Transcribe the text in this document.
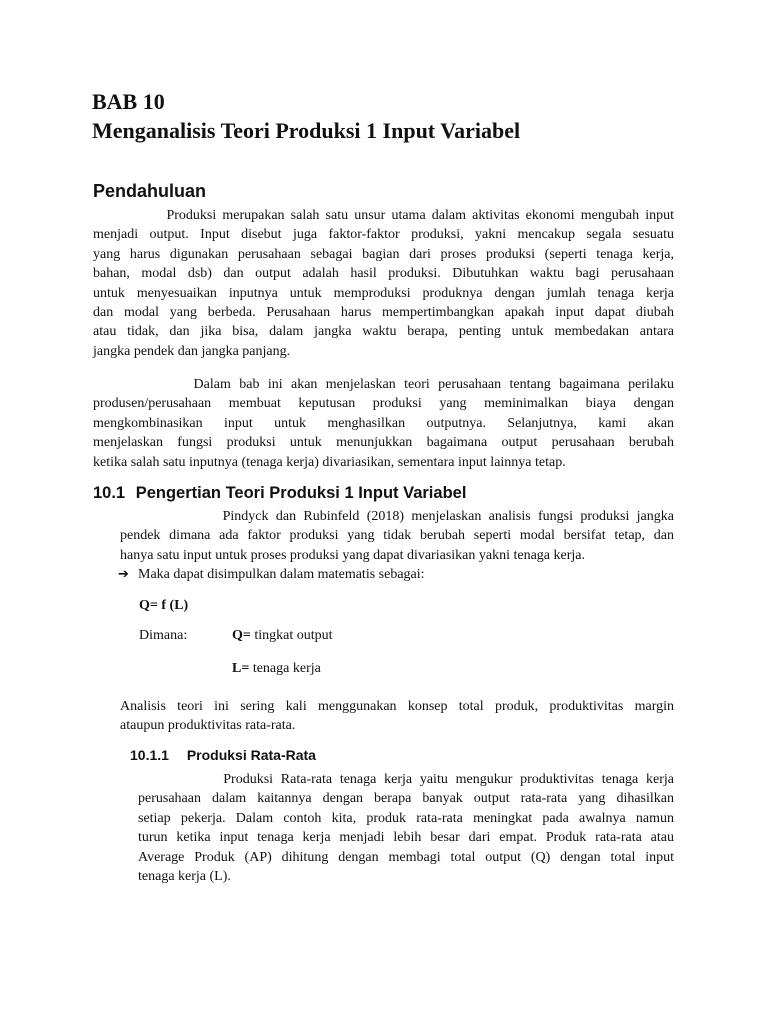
BAB 10
Menganalisis Teori Produksi 1 Input Variabel
Pendahuluan
Produksi merupakan salah satu unsur utama dalam aktivitas ekonomi mengubah input
menjadi output. Input disebut juga faktor-faktor produksi, yakni mencakup segala sesuatu
yang harus digunakan perusahaan sebagai bagian dari proses produksi (seperti tenaga kerja,
bahan, modal dsb) dan output adalah hasil produksi. Dibutuhkan waktu bagi perusahaan
untuk menyesuaikan inputnya untuk memproduksi produknya dengan jumlah tenaga kerja
dan modal yang berbeda. Perusahaan harus mempertimbangkan apakah input dapat diubah
atau tidak, dan jika bisa, dalam jangka waktu berapa, penting untuk membedakan antara
jangka pendek dan jangka panjang.
Dalam bab ini akan menjelaskan teori perusahaan tentang bagaimana perilaku
produsen/perusahaan membuat keputusan produksi yang meminimalkan biaya dengan
mengkombinasikan input untuk menghasilkan outputnya. Selanjutnya, kami akan
menjelaskan fungsi produksi untuk menunjukkan bagaimana output perusahaan berubah
ketika salah satu inputnya (tenaga kerja) divariasikan, sementara input lainnya tetap.
10.1 Pengertian Teori Produksi 1 Input Variabel
Pindyck dan Rubinfeld (2018) menjelaskan analisis fungsi produksi jangka
pendek dimana ada faktor produksi yang tidak berubah seperti modal bersifat tetap, dan
hanya satu input untuk proses produksi yang dapat divariasikan yakni tenaga kerja.
➔ Maka dapat disimpulkan dalam matematis sebagai:
Q= f (L)
Dimana:	Q= tingkat output
L= tenaga kerja
Analisis teori ini sering kali menggunakan konsep total produk, produktivitas margin
ataupun produktivitas rata-rata.
10.1.1 Produksi Rata-Rata
Produksi Rata-rata tenaga kerja yaitu mengukur produktivitas tenaga kerja
perusahaan dalam kaitannya dengan berapa banyak output rata-rata yang dihasilkan
setiap pekerja. Dalam contoh kita, produk rata-rata meningkat pada awalnya namun
turun ketika input tenaga kerja menjadi lebih besar dari empat. Produk rata-rata atau
Average Produk (AP) dihitung dengan membagi total output (Q) dengan total input
tenaga kerja (L).
